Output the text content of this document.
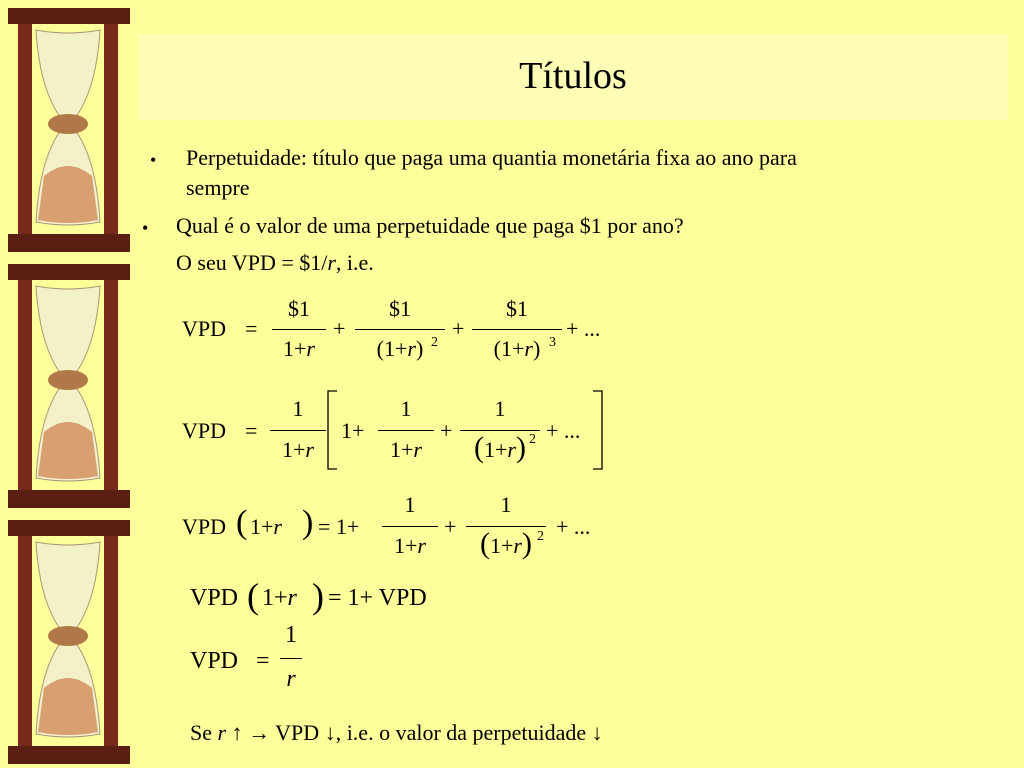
Títulos
• Perpetuidade: título que paga uma quantia monetária fixa ao ano para
sempre
• Qual é o valor de uma perpetuidade que paga $1 por ano?
O seu VPD = $1/r, i.e.
VPD =
$1
1+r
+
$1
(1+r) 2
+
$1
(1+r) 3
+ ...
VPD =
1
1+r
1+
1
1+r
+
1
(1+r) 2 + ...
VPD ( 1+r ) = 1+
1
1+r
+
1
(1+r) 2 + ...
VPD ( 1+r ) = 1+ VPD
VPD =
1
r
Se r ↑ → VPD ↓, i.e. o valor da perpetuidade ↓
